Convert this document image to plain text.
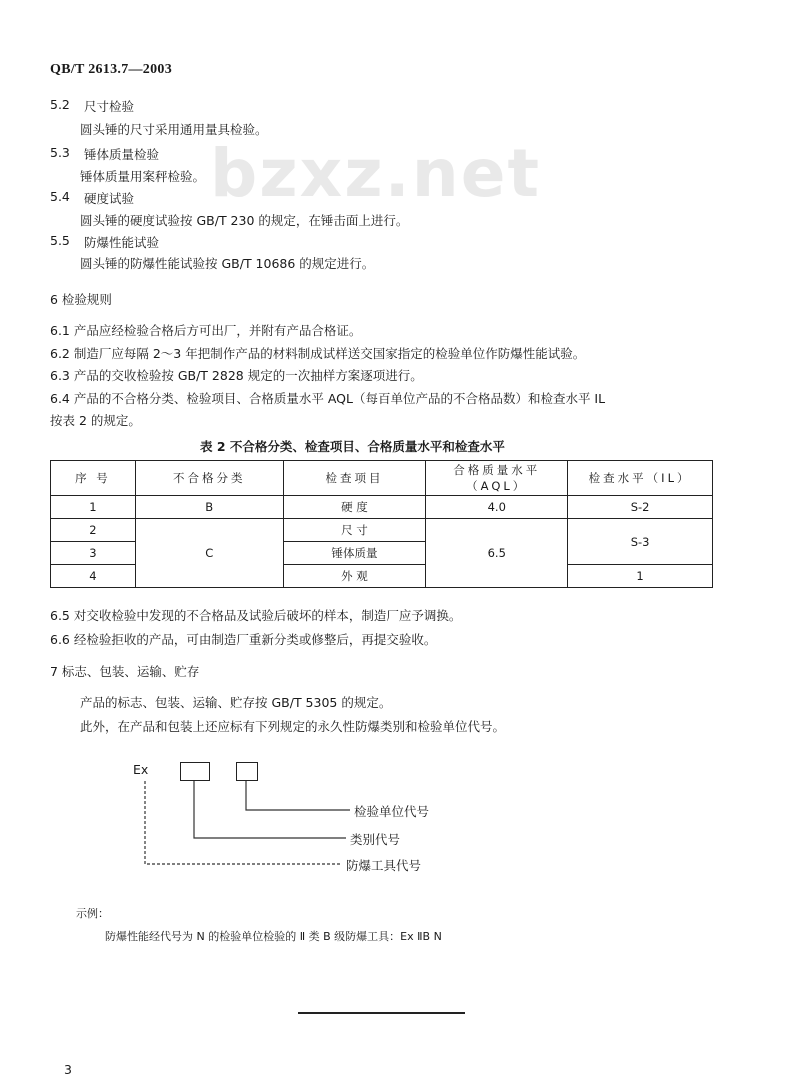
bzxz.net
QB/T 2613.7—2003
5.2 尺寸检验
圆头锤的尺寸采用通用量具检验。
5.3 锤体质量检验
锤体质量用案秤检验。
5.4 硬度试验
圆头锤的硬度试验按 GB/T 230 的规定，在锤击面上进行。
5.5 防爆性能试验
圆头锤的防爆性能试验按 GB/T 10686 的规定进行。
6 检验规则
6.1 产品应经检验合格后方可出厂，并附有产品合格证。
6.2 制造厂应每隔 2～3 年把制作产品的材料制成试样送交国家指定的检验单位作防爆性能试验。
6.3 产品的交收检验按 GB/T 2828 规定的一次抽样方案逐项进行。
6.4 产品的不合格分类、检验项目、合格质量水平 AQL（每百单位产品的不合格品数）和检查水平 IL
按表 2 的规定。
表 2 不合格分类、检查项目、合格质量水平和检查水平
序 号	不合格分类	检查项目	合格质量水平（AQL）	检查水平（IL）
1	B	硬 度	4.0	S-2
2	C	尺 寸	6.5	S-3
3		锤体质量		
4		外 观		1
6.5 对交收检验中发现的不合格品及试验后破坏的样本，制造厂应予调换。
6.6 经检验拒收的产品，可由制造厂重新分类或修整后，再提交验收。
7 标志、包装、运输、贮存
产品的标志、包装、运输、贮存按 GB/T 5305 的规定。
此外，在产品和包装上还应标有下列规定的永久性防爆类别和检验单位代号。
Ex
检验单位代号
类别代号
防爆工具代号
示例：
防爆性能经代号为 N 的检验单位检验的 Ⅱ 类 B 级防爆工具：Ex ⅡB N
3
